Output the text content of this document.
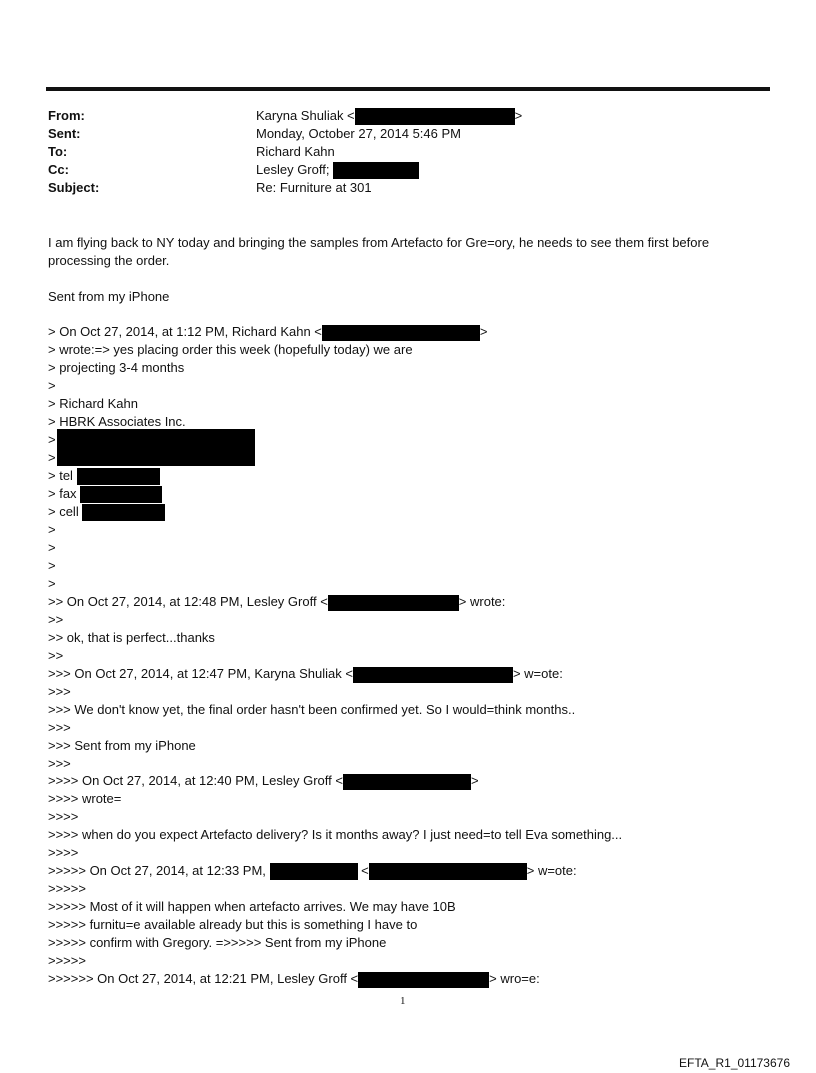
From:	Karyna Shuliak <	>
Sent:	Monday, October 27, 2014 5:46 PM
To:	Richard Kahn
Cc:	Lesley Groff;
Subject:	Re: Furniture at 301
I am flying back to NY today and bringing the samples from Artefacto for Gre=ory, he needs to see them first before processing the order.
Sent from my iPhone
> On Oct 27, 2014, at 1:12 PM, Richard Kahn <	>
> wrote:=> yes placing order this week (hopefully today) we are
> projecting 3-4 months
>
> Richard Kahn
> HBRK Associates Inc.
>
>
> tel
> fax
> cell
>
>
>
>
>> On Oct 27, 2014, at 12:48 PM, Lesley Groff <	> wrote:
>>
>> ok, that is perfect...thanks
>>
>>> On Oct 27, 2014, at 12:47 PM, Karyna Shuliak <	> w=ote:
>>>
>>> We don't know yet, the final order hasn't been confirmed yet. So I would=think months..
>>>
>>> Sent from my iPhone
>>>
>>>> On Oct 27, 2014, at 12:40 PM, Lesley Groff <	>
>>>> wrote=
>>>>
>>>> when do you expect Artefacto delivery? Is it months away? I just need=to tell Eva something...
>>>>
>>>>> On Oct 27, 2014, at 12:33 PM,	<	> w=ote:
>>>>>
>>>>> Most of it will happen when artefacto arrives. We may have 10B
>>>>> furnitu=e available already but this is something I have to
>>>>> confirm with Gregory. =>>>>> Sent from my iPhone
>>>>>
>>>>>> On Oct 27, 2014, at 12:21 PM, Lesley Groff <	> wro=e:
1
EFTA_R1_01173676
